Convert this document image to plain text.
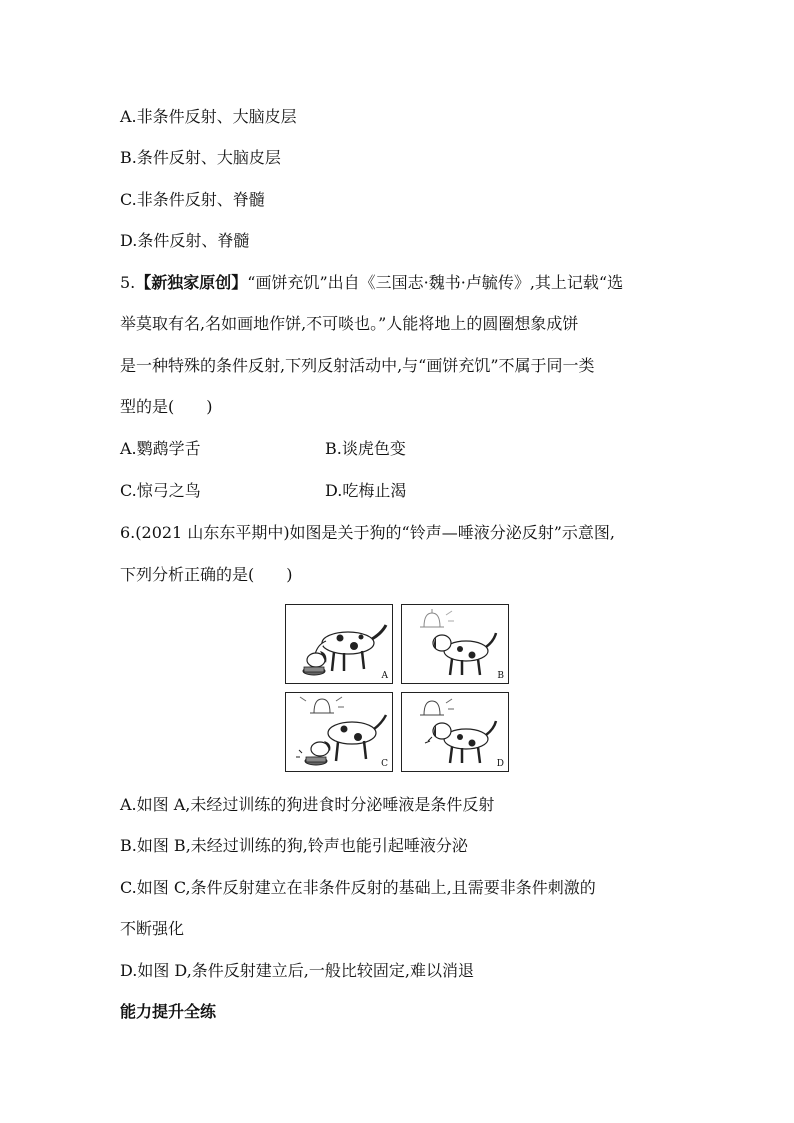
A.非条件反射、大脑皮层
B.条件反射、大脑皮层
C.非条件反射、脊髓
D.条件反射、脊髓
5.【新独家原创】“画饼充饥”出自《三国志·魏书·卢毓传》,其上记载“选
举莫取有名,名如画地作饼,不可啖也。”人能将地上的圆圈想象成饼
是一种特殊的条件反射,下列反射活动中,与“画饼充饥”不属于同一类
型的是(　　)
A.鹦鹉学舌	B.谈虎色变
C.惊弓之鸟	D.吃梅止渴
6.(2021 山东东平期中)如图是关于狗的“铃声—唾液分泌反射”示意图,
下列分析正确的是(　　)
A	B
C	D
A.如图 A,未经过训练的狗进食时分泌唾液是条件反射
B.如图 B,未经过训练的狗,铃声也能引起唾液分泌
C.如图 C,条件反射建立在非条件反射的基础上,且需要非条件刺激的
不断强化
D.如图 D,条件反射建立后,一般比较固定,难以消退
能力提升全练
